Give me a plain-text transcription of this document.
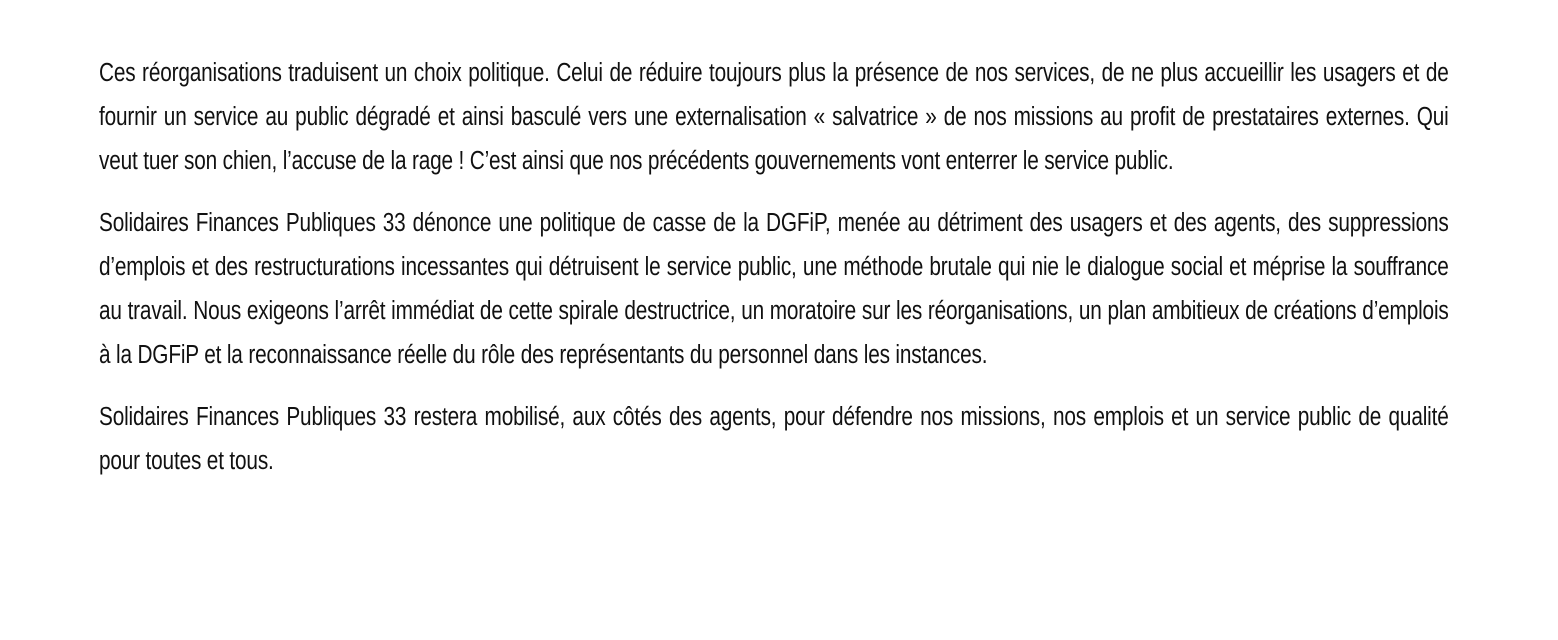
Ces réorganisations traduisent un choix politique. Celui de réduire toujours plus la présence de nos services, de ne plus accueillir les usagers et de fournir un service au public dégradé et ainsi basculé vers une externalisation « salvatrice » de nos missions au profit de prestataires externes. Qui veut tuer son chien, l’accuse de la rage ! C’est ainsi que nos précédents gouvernements vont enterrer le service public.

Solidaires Finances Publiques 33 dénonce une politique de casse de la DGFiP, menée au détriment des usagers et des agents, des suppressions d’emplois et des restructurations incessantes qui détruisent le service public, une méthode brutale qui nie le dialogue social et méprise la souffrance au travail. Nous exigeons l’arrêt immédiat de cette spirale destructrice, un moratoire sur les réorganisations, un plan ambitieux de créations d’emplois à la DGFiP et la reconnaissance réelle du rôle des représentants du personnel dans les instances.

Solidaires Finances Publiques 33 restera mobilisé, aux côtés des agents, pour défendre nos missions, nos emplois et un service public de qualité pour toutes et tous.
